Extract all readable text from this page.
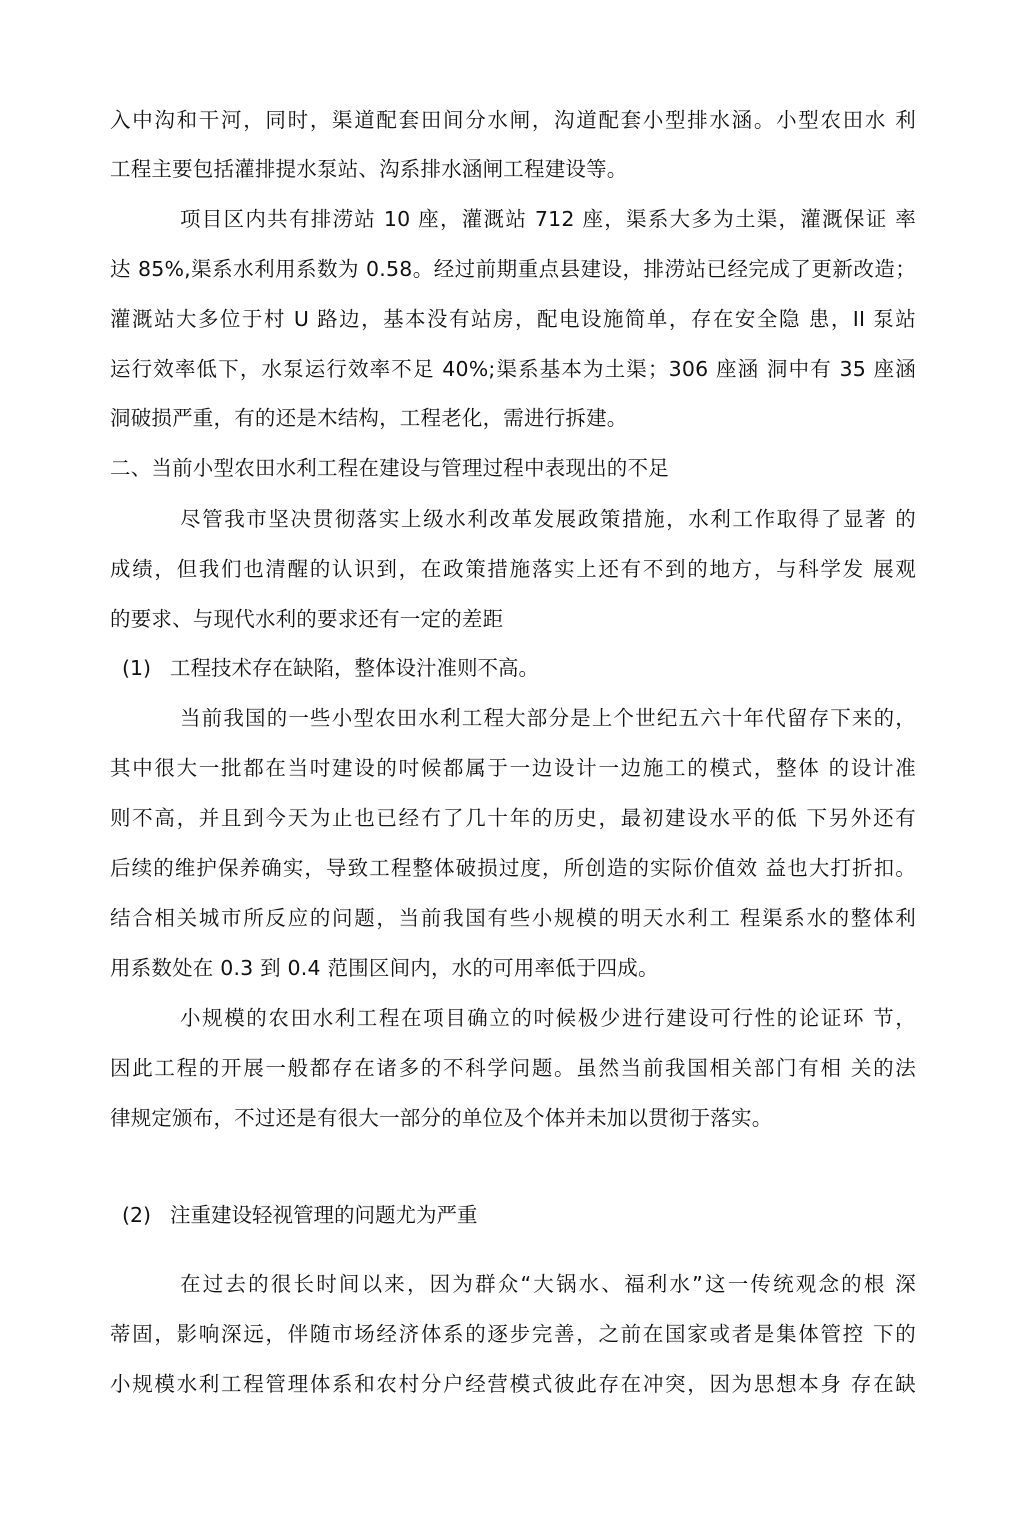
入中沟和干河，同时，渠道配套田间分水闸，沟道配套小型排水涵。小型农田水 利
工程主要包括灌排提水泵站、沟系排水涵闸工程建设等。
项目区内共有排涝站 10 座，灌溉站 712 座，渠系大多为土渠，灌溉保证 率
达 85%,渠系水利用系数为 0.58。经过前期重点县建设，排涝站已经完成了更新改造；
灌溉站大多位于村 U 路边，基本没有站房，配电设施简单，存在安全隐 患，II 泵站
运行效率低下，水泵运行效率不足 40%;渠系基本为土渠；306 座涵 洞中有 35 座涵
洞破损严重，有的还是木结构，工程老化，需进行拆建。
二、当前小型农田水利工程在建设与管理过程中表现出的不足
尽管我市坚决贯彻落实上级水利改革发展政策措施，水利工作取得了显著 的
成绩，但我们也清醒的认识到，在政策措施落实上还有不到的地方，与科学发 展观
的要求、与现代水利的要求还有一定的差距
(1) 工程技术存在缺陷，整体设汁准则不高。
当前我国的一些小型农田水利工程大部分是上个世纪五六十年代留存下来的，
其中很大一批都在当吋建设的吋候都属于一边设计一边施工的模式，整体 的设计准
则不高，并且到今天为止也已经冇了几十年的历史，最初建设水平的低 下另外还有
后续的维护保养确实，导致工程整体破损过度，所创造的实际价值效 益也大打折扣。
结合相关城市所反应的问题，当前我国有些小规模的明天水利工 程渠系水的整体利
用系数处在 0.3 到 0.4 范围区间内，水的可用率低于四成。
小规模的农田水利工程在项目确立的吋候极少进行建设可行性的论证环 节，
因此工程的开展一般都存在诸多的不科学问题。虽然当前我国相关部门有相 关的法
律规定颁布，不过还是有很大一部分的单位及个体并未加以贯彻于落实。
(2) 注重建设轻视管理的问题尤为严重
在过去的很长时间以来，因为群众“大锅水、福利水”这一传统观念的根 深
蒂固，影响深远，伴随市场经济体系的逐步完善，之前在国家或者是集体管控 下的
小规模水利工程管理体系和农村分户经营模式彼此存在冲突，因为思想本身 存在缺
